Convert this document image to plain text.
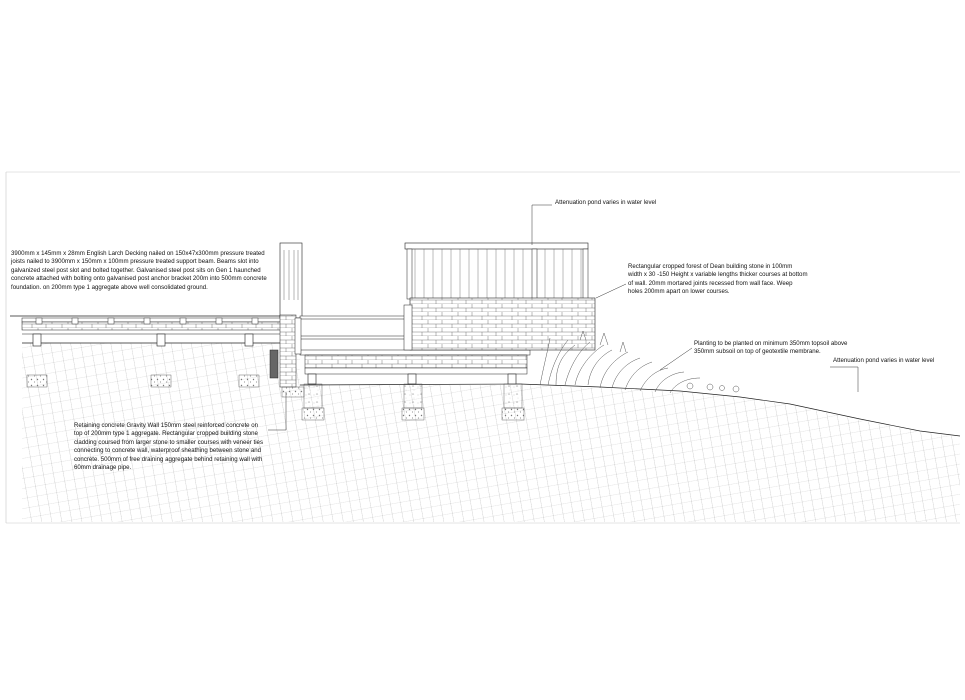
3900mm x 145mm x 28mm English Larch Decking nailed on 150x47x300mm pressure treated joists nailed to 3900mm x 150mm x 100mm pressure treated support beam. Beams slot into galvanized steel post slot and bolted together. Galvanised steel post sits on Gen 1 haunched concrete attached with bolting onto galvanised post anchor bracket 200m into 500mm concrete foundation. on 200mm type 1 aggregate above well consolidated ground.
Attenuation pond varies in water level
Rectangular cropped forest of Dean building stone in 100mm width x 30 -150 Height x variable lengths thicker courses at bottom of wall. 20mm mortared joints recessed from wall face. Weep holes 200mm apart on lower courses.
Planting to be planted on minimum 350mm topsoil above 350mm subsoil on top of geotextile membrane.
Attenuation pond varies in water level
Retaining concrete Gravity Wall 150mm steel reinforced concrete on top of 200mm type 1 aggregate. Rectangular cropped building stone cladding coursed from larger stone to smaller courses with veneer ties connecting to concrete wall, waterproof sheathing between stone and concrete. 500mm of free draining aggregate behind retaining wall with 60mm drainage pipe.
